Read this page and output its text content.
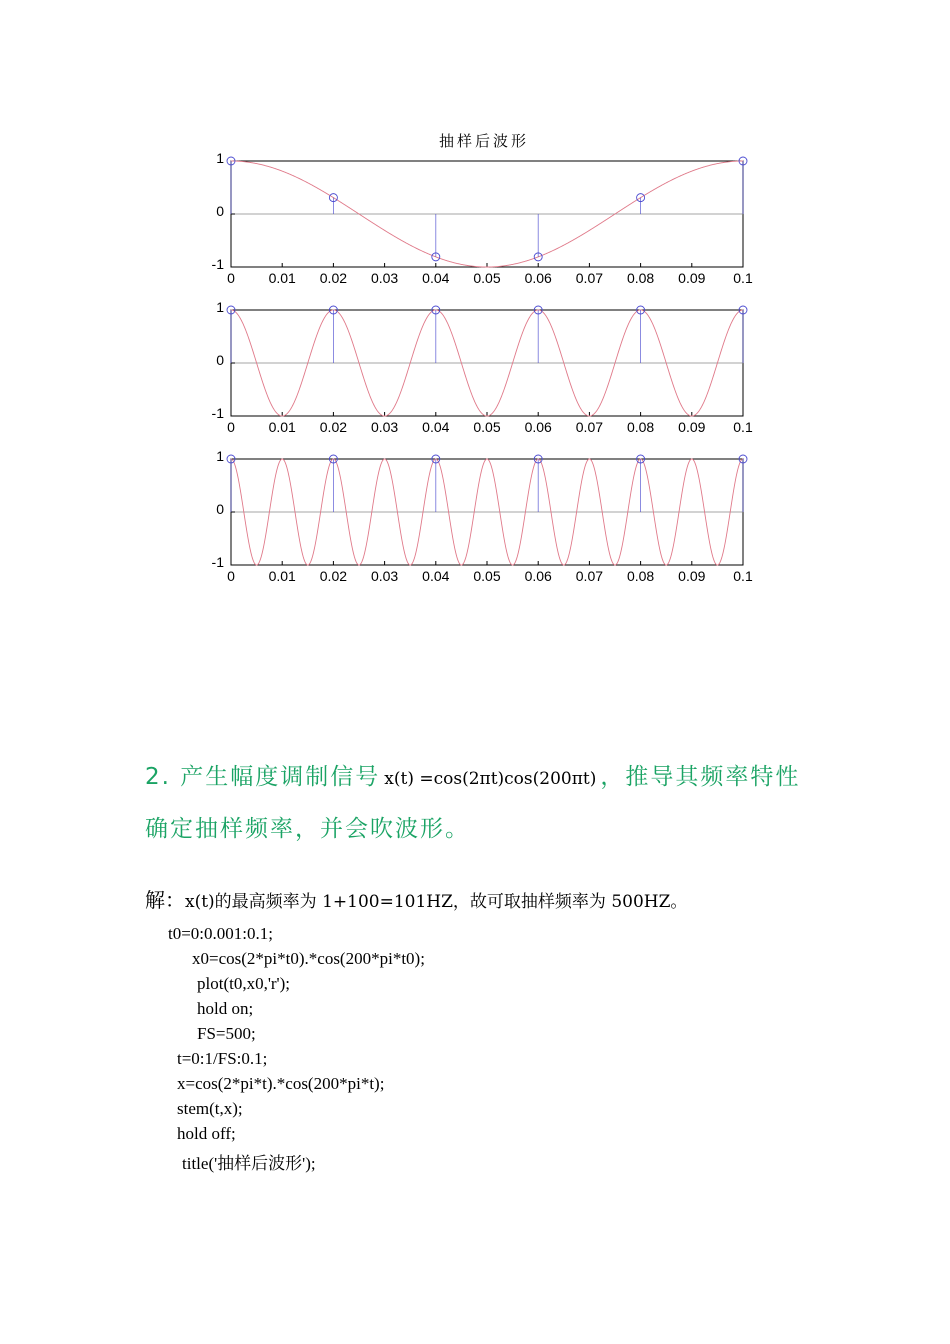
抽样后波形
0 0.01 0.02 0.03 0.04 0.05 0.06 0.07 0.08 0.09 0.1
1
0
-1
0 0.01 0.02 0.03 0.04 0.05 0.06 0.07 0.08 0.09 0.1
1
0
-1
0 0.01 0.02 0.03 0.04 0.05 0.06 0.07 0.08 0.09 0.1
1
0
-1
2. 产生幅度调制信号 x(t) =cos(2πt)cos(200πt) ，推导其频率特性
确定抽样频率，并会吹波形。
解：x(t)的最高频率为 1+100=101HZ，故可取抽样频率为 500HZ。
t0=0:0.001:0.1;
x0=cos(2*pi*t0).*cos(200*pi*t0);
plot(t0,x0,'r');
hold on;
FS=500;
t=0:1/FS:0.1;
x=cos(2*pi*t).*cos(200*pi*t);
stem(t,x);
hold off;
title('抽样后波形');
